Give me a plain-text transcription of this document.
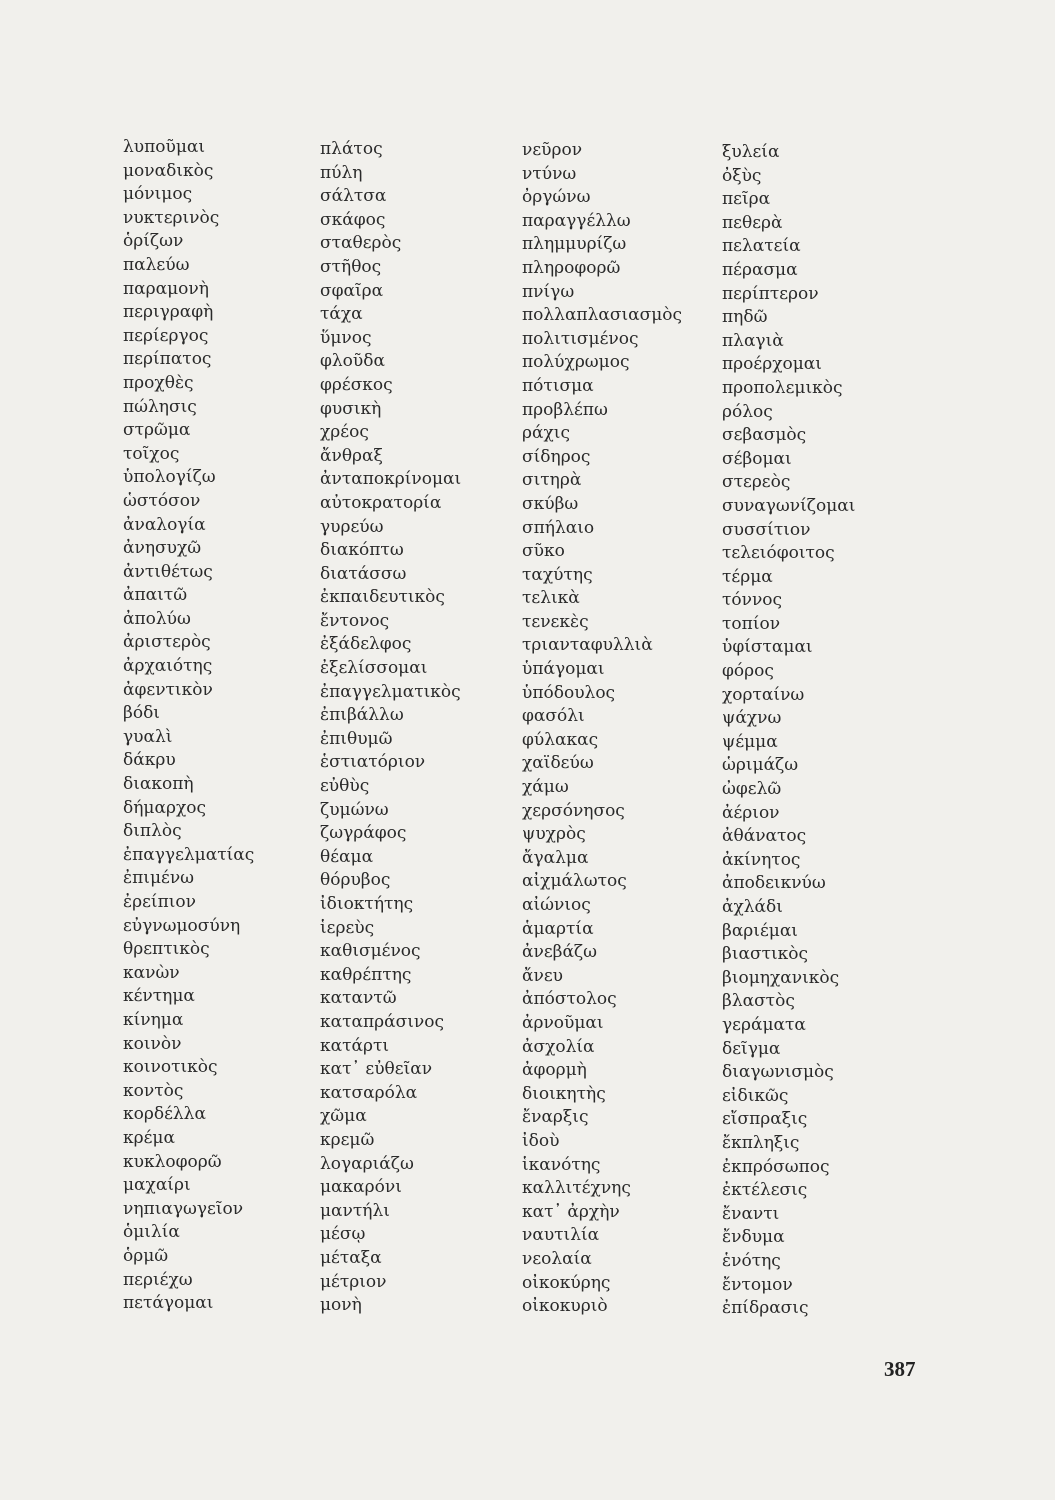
λυποῦμαι
μοναδικὸς
μόνιμος
νυκτερινὸς
ὁρίζων
παλεύω
παραμονὴ
περιγραφὴ
περίεργος
περίπατος
προχθὲς
πώλησις
στρῶμα
τοῖχος
ὑπολογίζω
ὡστόσον
ἀναλογία
ἀνησυχῶ
ἀντιθέτως
ἀπαιτῶ
ἀπολύω
ἀριστερὸς
ἀρχαιότης
ἀφεντικὸν
βόδι
γυαλὶ
δάκρυ
διακοπὴ
δήμαρχος
διπλὸς
ἐπαγγελματίας
ἐπιμένω
ἐρείπιον
εὐγνωμοσύνη
θρεπτικὸς
κανὼν
κέντημα
κίνημα
κοινὸν
κοινοτικὸς
κοντὸς
κορδέλλα
κρέμα
κυκλοφορῶ
μαχαίρι
νηπιαγωγεῖον
ὁμιλία
ὁρμῶ
περιέχω
πετάγομαι
πλάτος
πύλη
σάλτσα
σκάφος
σταθερὸς
στῆθος
σφαῖρα
τάχα
ὕμνος
φλοῦδα
φρέσκος
φυσικὴ
χρέος
ἄνθραξ
ἀνταποκρίνομαι
αὐτοκρατορία
γυρεύω
διακόπτω
διατάσσω
ἐκπαιδευτικὸς
ἔντονος
ἐξάδελφος
ἐξελίσσομαι
ἐπαγγελματικὸς
ἐπιβάλλω
ἐπιθυμῶ
ἑστιατόριον
εὐθὺς
ζυμώνω
ζωγράφος
θέαμα
θόρυβος
ἰδιοκτήτης
ἱερεὺς
καθισμένος
καθρέπτης
καταντῶ
καταπράσινος
κατάρτι
κατ᾿ εὐθεῖαν
κατσαρόλα
χῶμα
κρεμῶ
λογαριάζω
μακαρόνι
μαντήλι
μέσῳ
μέταξα
μέτριον
μονὴ
νεῦρον
ντύνω
ὀργώνω
παραγγέλλω
πλημμυρίζω
πληροφορῶ
πνίγω
πολλαπλασιασμὸς
πολιτισμένος
πολύχρωμος
πότισμα
προβλέπω
ράχις
σίδηρος
σιτηρὰ
σκύβω
σπήλαιο
σῦκο
ταχύτης
τελικὰ
τενεκὲς
τριανταφυλλιὰ
ὑπάγομαι
ὑπόδουλος
φασόλι
φύλακας
χαϊδεύω
χάμω
χερσόνησος
ψυχρὸς
ἄγαλμα
αἰχμάλωτος
αἰώνιος
ἁμαρτία
ἀνεβάζω
ἄνευ
ἀπόστολος
ἀρνοῦμαι
ἀσχολία
ἀφορμὴ
διοικητὴς
ἔναρξις
ἰδοὺ
ἱκανότης
καλλιτέχνης
κατ᾿ ἀρχὴν
ναυτιλία
νεολαία
οἰκοκύρης
οἰκοκυριὸ
ξυλεία
ὀξὺς
πεῖρα
πεθερὰ
πελατεία
πέρασμα
περίπτερον
πηδῶ
πλαγιὰ
προέρχομαι
προπολεμικὸς
ρόλος
σεβασμὸς
σέβομαι
στερεὸς
συναγωνίζομαι
συσσίτιον
τελειόφοιτος
τέρμα
τόννος
τοπίον
ὑφίσταμαι
φόρος
χορταίνω
ψάχνω
ψέμμα
ὡριμάζω
ὠφελῶ
ἀέριον
ἀθάνατος
ἀκίνητος
ἀποδεικνύω
ἀχλάδι
βαριέμαι
βιαστικὸς
βιομηχανικὸς
βλαστὸς
γεράματα
δεῖγμα
διαγωνισμὸς
εἰδικῶς
εἴσπραξις
ἔκπληξις
ἐκπρόσωπος
ἐκτέλεσις
ἔναντι
ἔνδυμα
ἑνότης
ἔντομον
ἐπίδρασις
387
